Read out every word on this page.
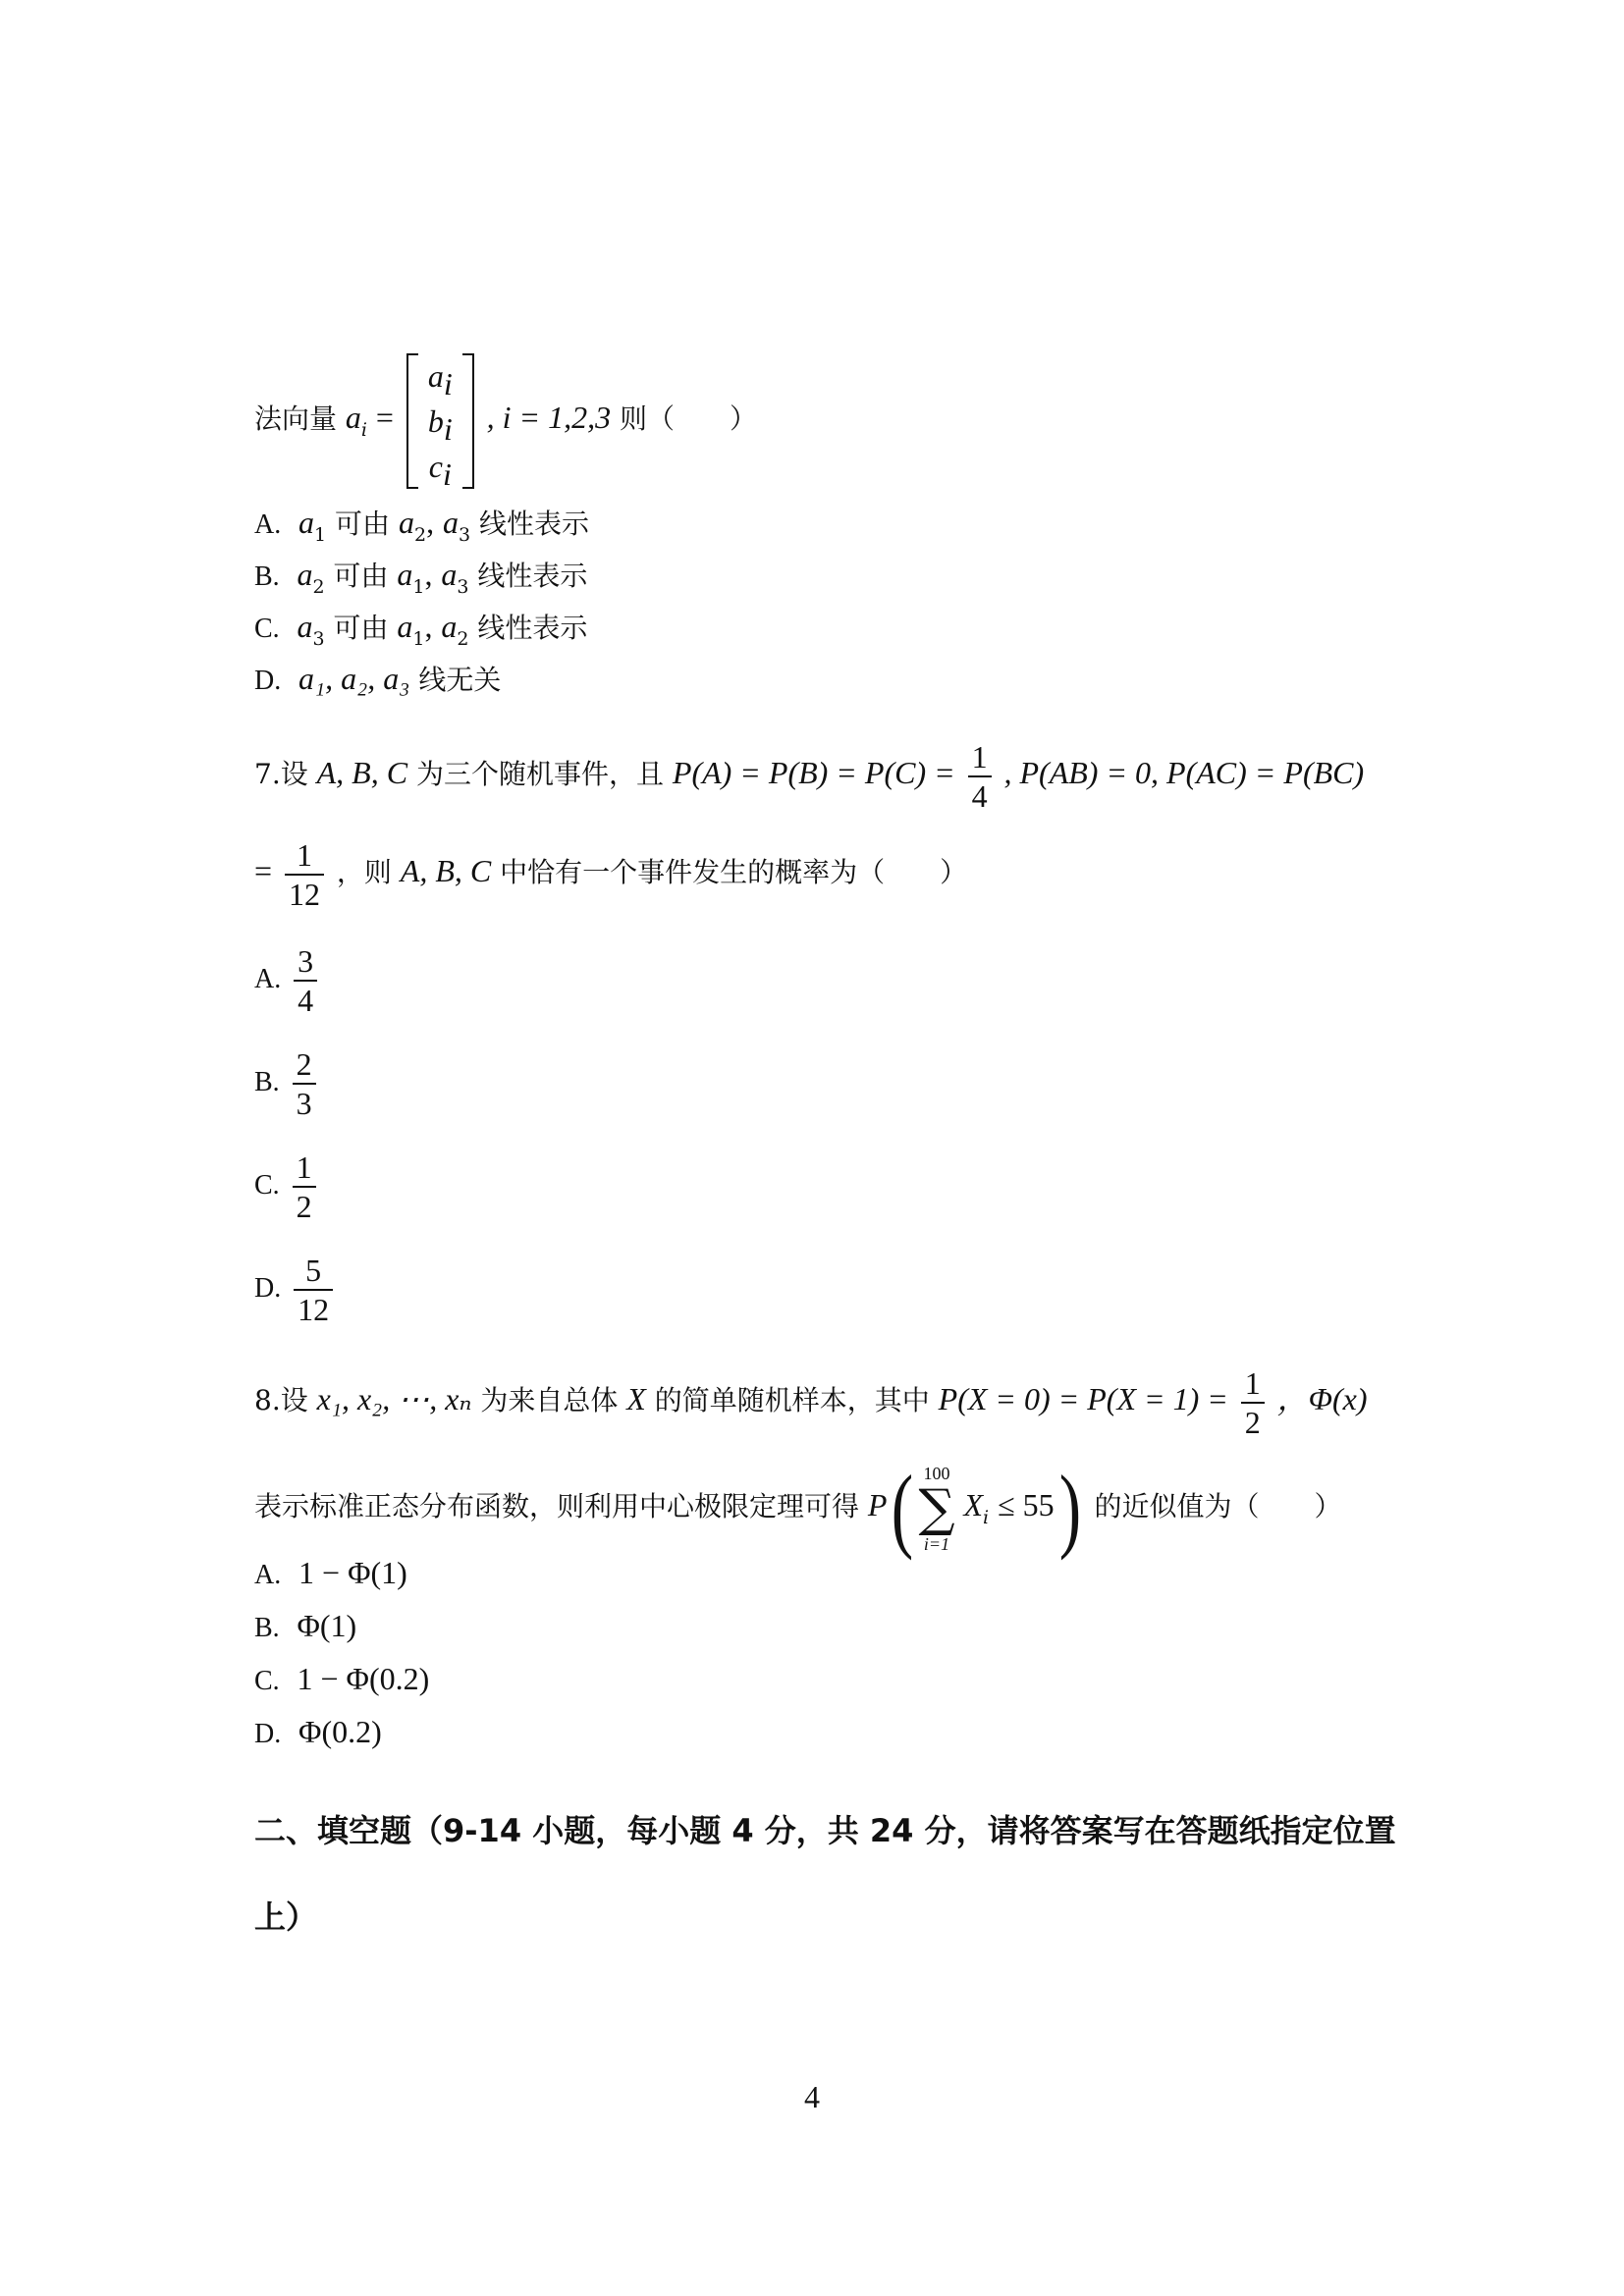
法向量 $a_i$ =
ai
bi
ci
, i = 1,2,3 则（　　）
A. $a_1$ 可由 $a_2$, $a_3$ 线性表示
B. $a_2$ 可由 $a_1$, $a_3$ 线性表示
C. $a_3$ 可由 $a_1$, $a_2$ 线性表示
D. a₁, a₂, a₃ 线无关
7.设 A, B, C 为三个随机事件，且 $P(A) = P(B) = P(C) = \frac{1}{4}$ , P(AB) = 0, P(AC) = P(BC)
= $\frac{1}{12}$ ，则 A, B, C 中恰有一个事件发生的概率为（　　）
A. $\frac{3}{4}$
B. $\frac{2}{3}$
C. $\frac{1}{2}$
D. $\frac{5}{12}$
8.设 x₁, x₂, ⋯, xₙ 为来自总体 X 的简单随机样本，其中 $P(X = 0) = P(X = 1) = \frac{1}{2}$ ，Φ(x)
表示标准正态分布函数，则利用中心极限定理可得 P( 100
∑
i=1
$X_i \le 55$) 的近似值为（　　）
A. 1 − Φ(1)
B. Φ(1)
C. 1 − Φ(0.2)
D. Φ(0.2)
二、填空题（9-14 小题，每小题 4 分，共 24 分，请将答案写在答题纸指定位置
上）
4
